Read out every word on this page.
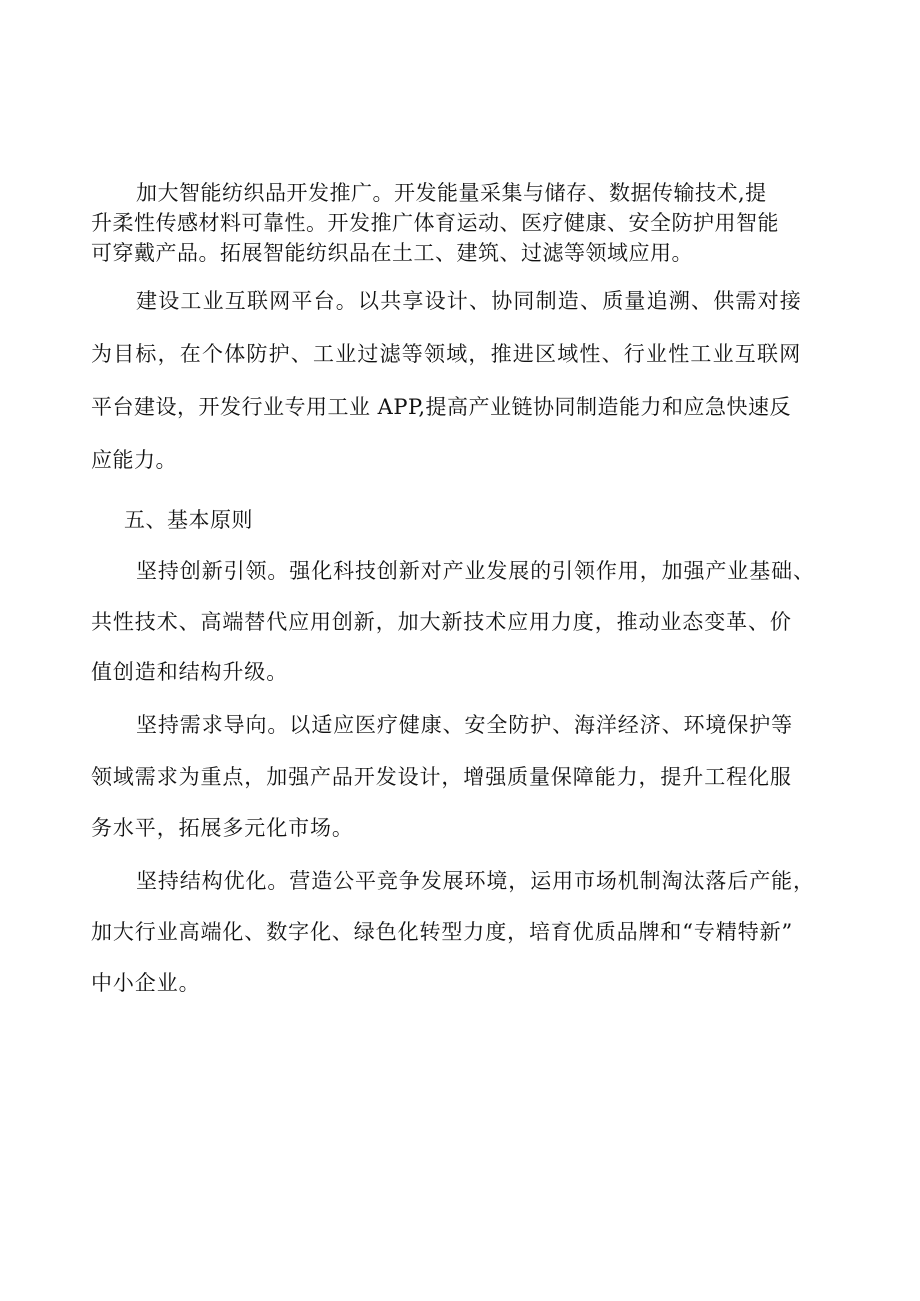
加大智能纺织品开发推广。开发能量采集与储存、数据传输技术,提
升柔性传感材料可靠性。开发推广体育运动、医疗健康、安全防护用智能
可穿戴产品。拓展智能纺织品在土工、建筑、过滤等领域应用。
建设工业互联网平台。以共享设计、协同制造、质量追溯、供需对接
为目标，在个体防护、工业过滤等领域，推进区域性、行业性工业互联网
平台建设，开发行业专用工业 APP,提高产业链协同制造能力和应急快速反
应能力。
五、基本原则
坚持创新引领。强化科技创新对产业发展的引领作用，加强产业基础、
共性技术、高端替代应用创新，加大新技术应用力度，推动业态变革、价
值创造和结构升级。
坚持需求导向。以适应医疗健康、安全防护、海洋经济、环境保护等
领域需求为重点，加强产品开发设计，增强质量保障能力，提升工程化服
务水平，拓展多元化市场。
坚持结构优化。营造公平竞争发展环境，运用市场机制淘汰落后产能，
加大行业高端化、数字化、绿色化转型力度，培育优质品牌和“专精特新”
中小企业。
